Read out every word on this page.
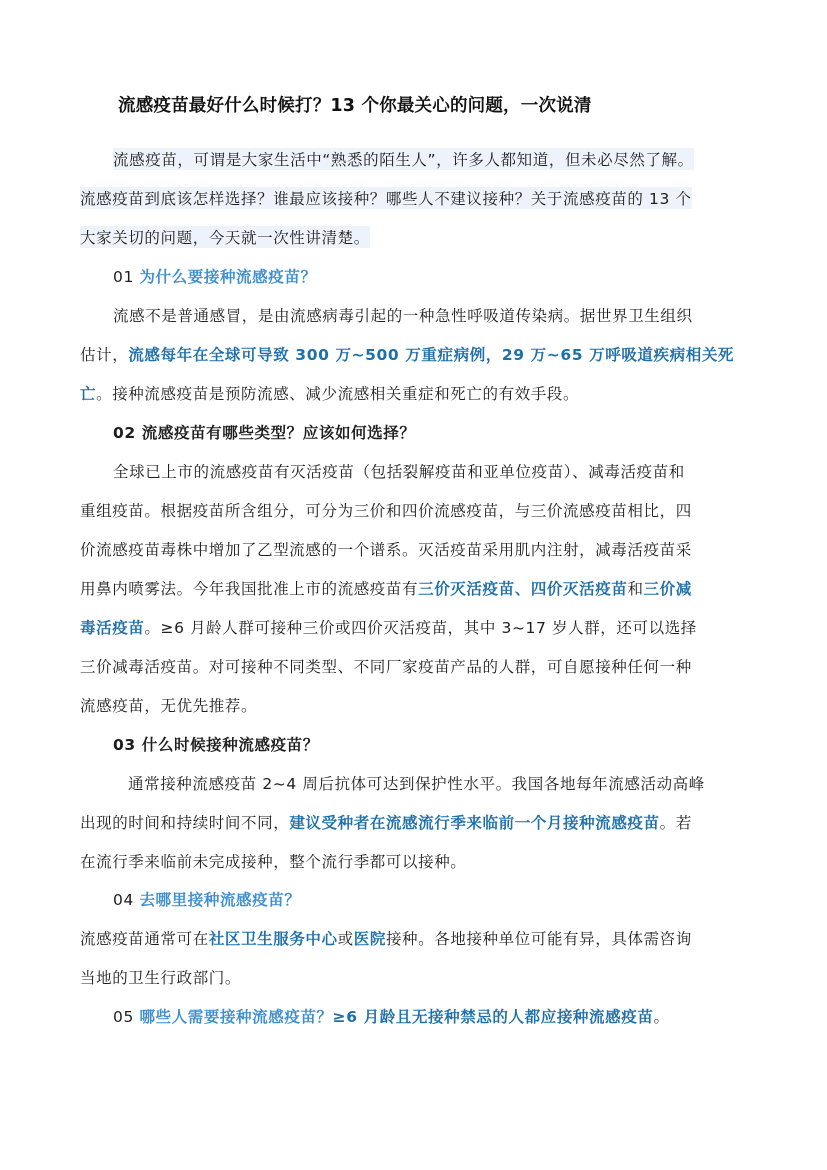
流感疫苗最好什么时候打？13 个你最关心的问题，一次说清
流感疫苗，可谓是大家生活中“熟悉的陌生人”，许多人都知道，但未必尽然了解。
流感疫苗到底该怎样选择？谁最应该接种？哪些人不建议接种？关于流感疫苗的 13 个
大家关切的问题，今天就一次性讲清楚。
01 为什么要接种流感疫苗？
流感不是普通感冒，是由流感病毒引起的一种急性呼吸道传染病。据世界卫生组织
估计，流感每年在全球可导致 300 万~500 万重症病例，29 万~65 万呼吸道疾病相关死
亡。接种流感疫苗是预防流感、减少流感相关重症和死亡的有效手段。
02 流感疫苗有哪些类型？应该如何选择？
全球已上市的流感疫苗有灭活疫苗（包括裂解疫苗和亚单位疫苗）、减毒活疫苗和
重组疫苗。根据疫苗所含组分，可分为三价和四价流感疫苗，与三价流感疫苗相比，四
价流感疫苗毒株中增加了乙型流感的一个谱系。灭活疫苗采用肌内注射，减毒活疫苗采
用鼻内喷雾法。今年我国批准上市的流感疫苗有三价灭活疫苗、四价灭活疫苗和三价减
毒活疫苗。≥6 月龄人群可接种三价或四价灭活疫苗，其中 3~17 岁人群，还可以选择
三价减毒活疫苗。对可接种不同类型、不同厂家疫苗产品的人群，可自愿接种任何一种
流感疫苗，无优先推荐。
03 什么时候接种流感疫苗？
通常接种流感疫苗 2~4 周后抗体可达到保护性水平。我国各地每年流感活动高峰
出现的时间和持续时间不同，建议受种者在流感流行季来临前一个月接种流感疫苗。若
在流行季来临前未完成接种，整个流行季都可以接种。
04 去哪里接种流感疫苗？
流感疫苗通常可在社区卫生服务中心或医院接种。各地接种单位可能有异，具体需咨询
当地的卫生行政部门。
05 哪些人需要接种流感疫苗？≥6 月龄且无接种禁忌的人都应接种流感疫苗。
